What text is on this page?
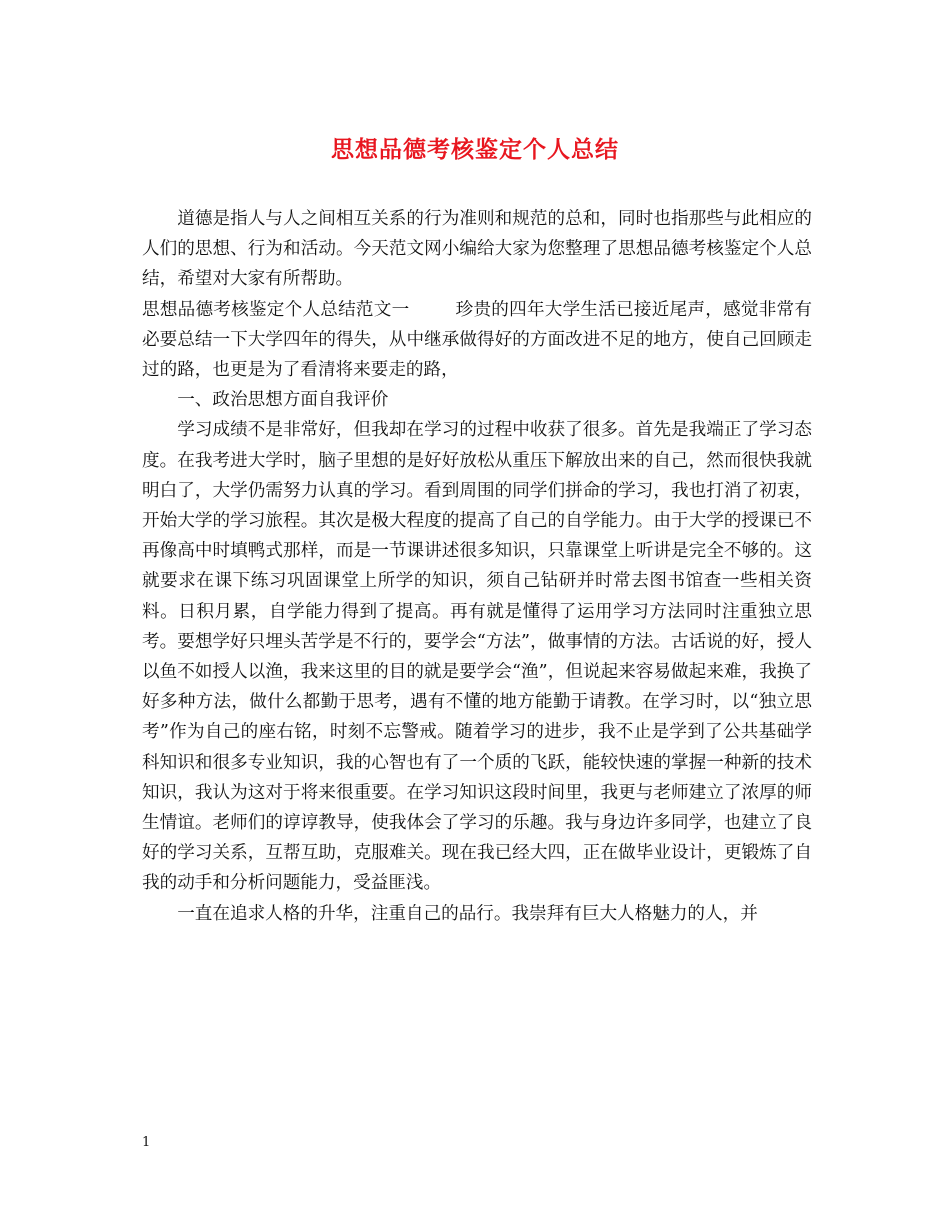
思想品德考核鉴定个人总结

道德是指人与人之间相互关系的行为准则和规范的总和，同时也指那些与此相应的人们的思想、行为和活动。今天范文网小编给大家为您整理了思想品德考核鉴定个人总结，希望对大家有所帮助。

思想品德考核鉴定个人总结范文一	珍贵的四年大学生活已接近尾声，感觉非常有必要总结一下大学四年的得失，从中继承做得好的方面改进不足的地方，使自己回顾走过的路，也更是为了看清将来要走的路，

一、政治思想方面自我评价

学习成绩不是非常好，但我却在学习的过程中收获了很多。首先是我端正了学习态度。在我考进大学时，脑子里想的是好好放松从重压下解放出来的自己，然而很快我就明白了，大学仍需努力认真的学习。看到周围的同学们拼命的学习，我也打消了初衷，开始大学的学习旅程。其次是极大程度的提高了自己的自学能力。由于大学的授课已不再像高中时填鸭式那样，而是一节课讲述很多知识，只靠课堂上听讲是完全不够的。这就要求在课下练习巩固课堂上所学的知识，须自己钻研并时常去图书馆查一些相关资料。日积月累，自学能力得到了提高。再有就是懂得了运用学习方法同时注重独立思考。要想学好只埋头苦学是不行的，要学会“方法”，做事情的方法。古话说的好，授人以鱼不如授人以渔，我来这里的目的就是要学会“渔”，但说起来容易做起来难，我换了好多种方法，做什么都勤于思考，遇有不懂的地方能勤于请教。在学习时，以“独立思考”作为自己的座右铭，时刻不忘警戒。随着学习的进步，我不止是学到了公共基础学科知识和很多专业知识，我的心智也有了一个质的飞跃，能较快速的掌握一种新的技术知识，我认为这对于将来很重要。在学习知识这段时间里，我更与老师建立了浓厚的师生情谊。老师们的谆谆教导，使我体会了学习的乐趣。我与身边许多同学，也建立了良好的学习关系，互帮互助，克服难关。现在我已经大四，正在做毕业设计，更锻炼了自我的动手和分析问题能力，受益匪浅。

一直在追求人格的升华，注重自己的品行。我崇拜有巨大人格魅力的人，并

1
